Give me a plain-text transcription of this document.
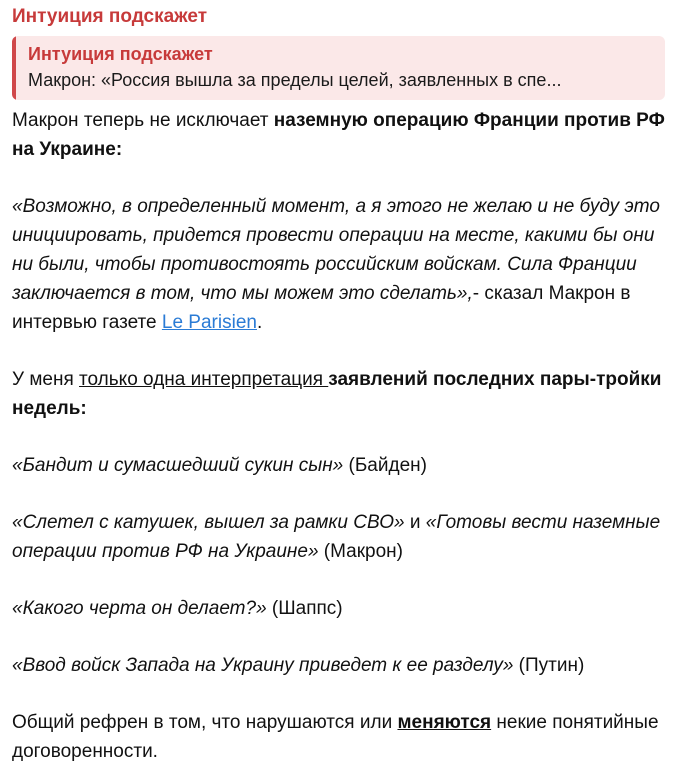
Интуиция подскажет
Интуиция подскажет
Макрон: «Россия вышла за пределы целей, заявленных в спе...

Макрон теперь не исключает наземную операцию Франции против РФ на Украине:

«Возможно, в определенный момент, а я этого не желаю и не буду это инициировать, придется провести операции на месте, какими бы они ни были, чтобы противостоять российским войскам. Сила Франции заключается в том, что мы можем это сделать»,- сказал Макрон в интервью газете Le Parisien.

У меня только одна интерпретация заявлений последних пары-тройки недель:

«Бандит и сумасшедший сукин сын» (Байден)

«Слетел с катушек, вышел за рамки СВО» и «Готовы вести наземные операции против РФ на Украине» (Макрон)

«Какого черта он делает?» (Шаппс)

«Ввод войск Запада на Украину приведет к ее разделу» (Путин)

Общий рефрен в том, что нарушаются или меняются некие понятийные договоренности.
